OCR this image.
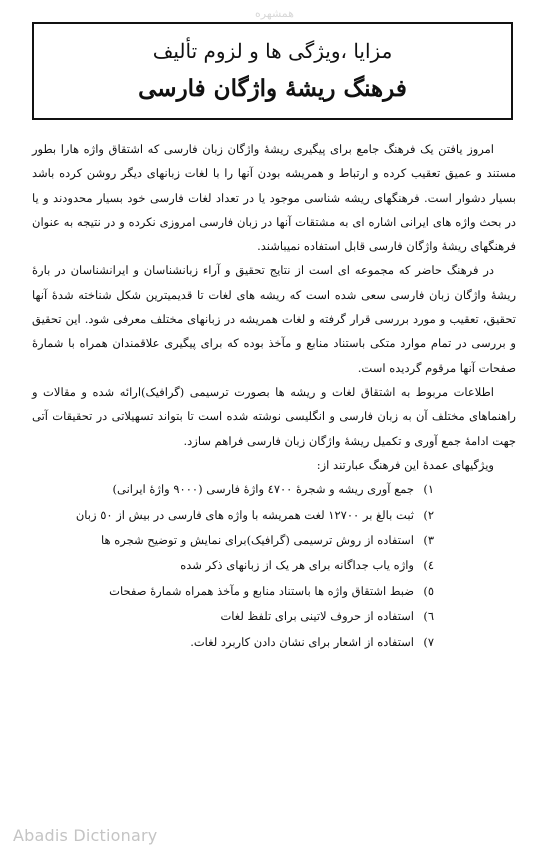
همشهره
مزايا ،ويژگی ها و لزوم تأليف
فرهنگ ريشهٔ واژگان فارسی

امروز يافتن يک فرهنگ جامع برای پيگيری ريشهٔ واژگان زبان فارسی که اشتقاق واژه هارا بطور مستند و عميق تعقيب کرده و ارتباط و همريشه بودن آنها را با لغات زبانهای ديگر روشن کرده باشد بسيار دشوار است. فرهنگهای ريشه شناسی موجود يا در تعداد لغات فارسی خود بسيار محدودند و يا در بحث واژه های ايرانی اشاره ای به مشتقات آنها در زبان فارسی امروزی نکرده و در نتيجه به عنوان فرهنگهای ريشهٔ واژگان فارسی قابل استفاده نميباشند.

در فرهنگ حاضر که مجموعه ای است از نتايج تحقيق و آراء زبانشناسان و ايرانشناسان در بارهٔ ريشهٔ واژگان زبان فارسی سعی شده است که ريشه های لغات تا قديميترين شکل شناخته شدهٔ آنها تحقيق، تعقيب و مورد بررسی قرار گرفته و لغات همريشه در زبانهای مختلف معرفی شود. اين تحقيق و بررسی در تمام موارد متکی باستناد منابع و مآخذ بوده که برای پيگيری علاقمندان همراه با شمارهٔ صفحات آنها مرقوم گرديده است.

اطلاعات مربوط به اشتقاق لغات و ريشه ها بصورت ترسيمی (گرافيک)ارائه شده و مقالات و راهنماهای مختلف آن به زبان فارسی و انگليسی نوشته شده است تا بتواند تسهيلاتی در تحقيقات آتی جهت ادامهٔ جمع آوری و تکميل ريشهٔ واژگان زبان فارسی فراهم سازد.

ويژگيهای عمدهٔ اين فرهنگ عبارتند از:

١)
جمع آوری ريشه و شجرهٔ ٤٧٠٠ واژهٔ فارسی (٩٠٠٠ واژهٔ ايرانی)
٢)
ثبت بالغ بر ١٢٧٠٠ لغت همريشه با واژه های فارسی در بيش از ٥٠ زبان
٣)
استفاده از روش ترسيمی (گرافيک)برای نمايش و توضيح شجره ها
٤)
واژه ياب جداگانه برای هر يک از زبانهای ذکر شده
٥)
ضبط اشتقاق واژه ها باستناد منابع و مآخذ همراه شمارهٔ صفحات
٦)
استفاده از حروف لاتينی برای تلفظ لغات
٧)
استفاده از اشعار برای نشان دادن کاربرد لغات.
Abadis Dictionary
